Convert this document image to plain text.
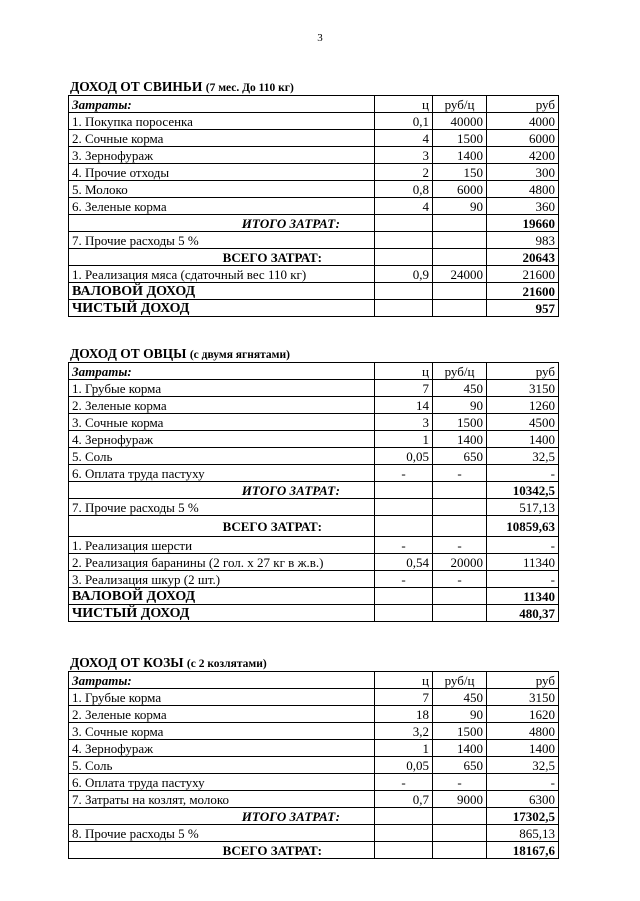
3
ДОХОД ОТ СВИНЬИ (7 мес. До 110 кг)
Затраты:	ц	руб/ц	руб
1. Покупка поросенка	0,1	40000	4000
2. Сочные корма	4	1500	6000
3. Зернофураж	3	1400	4200
4. Прочие отходы	2	150	300
5. Молоко	0,8	6000	4800
6. Зеленые корма	4	90	360
ИТОГО ЗАТРАТ:			19660
7. Прочие расходы 5 %			983
ВСЕГО ЗАТРАТ:			20643
1. Реализация мяса (сдаточный вес 110 кг)	0,9	24000	21600
ВАЛОВОЙ ДОХОД			21600
ЧИСТЫЙ ДОХОД			957
ДОХОД ОТ ОВЦЫ (с двумя ягнятами)
Затраты:	ц	руб/ц	руб
1. Грубые корма	7	450	3150
2. Зеленые корма	14	90	1260
3. Сочные корма	3	1500	4500
4. Зернофураж	1	1400	1400
5. Соль	0,05	650	32,5
6. Оплата труда пастуху	-	-	-
ИТОГО ЗАТРАТ:			10342,5
7. Прочие расходы 5 %			517,13
ВСЕГО ЗАТРАТ:			10859,63
1. Реализация шерсти	-	-	-
2. Реализация баранины (2 гол. х 27 кг в ж.в.)	0,54	20000	11340
3. Реализация шкур (2 шт.)	-	-	-
ВАЛОВОЙ ДОХОД			11340
ЧИСТЫЙ ДОХОД			480,37
ДОХОД ОТ КОЗЫ (с 2 козлятами)
Затраты:	ц	руб/ц	руб
1. Грубые корма	7	450	3150
2. Зеленые корма	18	90	1620
3. Сочные корма	3,2	1500	4800
4. Зернофураж	1	1400	1400
5. Соль	0,05	650	32,5
6. Оплата труда пастуху	-	-	-
7. Затраты на козлят, молоко	0,7	9000	6300
ИТОГО ЗАТРАТ:			17302,5
8. Прочие расходы 5 %			865,13
ВСЕГО ЗАТРАТ:			18167,6
